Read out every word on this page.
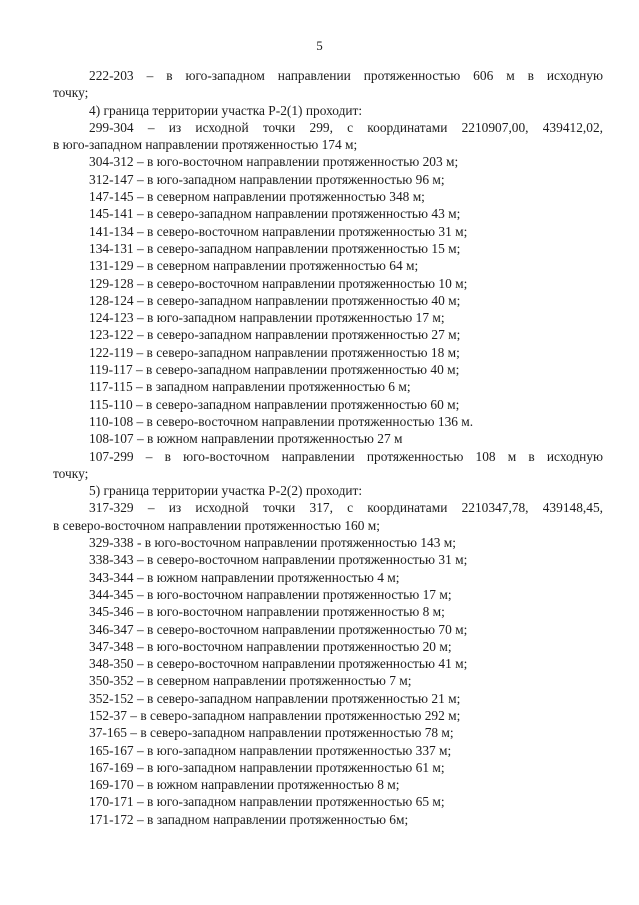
5
222-203 – в юго-западном направлении протяженностью 606 м в исходную
точку;
4) граница территории участка Р-2(1) проходит:
299-304 – из исходной точки 299, с координатами 2210907,00, 439412,02,
в юго-западном направлении протяженностью 174 м;
304-312 – в юго-восточном направлении протяженностью 203 м;
312-147 – в юго-западном направлении протяженностью 96 м;
147-145 – в северном направлении протяженностью 348 м;
145-141 – в северо-западном направлении протяженностью 43 м;
141-134 – в северо-восточном направлении протяженностью 31 м;
134-131 – в северо-западном направлении протяженностью 15 м;
131-129 – в северном направлении протяженностью 64 м;
129-128 – в северо-восточном направлении протяженностью 10 м;
128-124 – в северо-западном направлении протяженностью 40 м;
124-123 – в юго-западном направлении протяженностью 17 м;
123-122 – в северо-западном направлении протяженностью 27 м;
122-119 – в северо-западном направлении протяженностью 18 м;
119-117 – в северо-западном направлении протяженностью 40 м;
117-115 – в западном направлении протяженностью 6 м;
115-110 – в северо-западном направлении протяженностью 60 м;
110-108 – в северо-восточном направлении протяженностью 136 м.
108-107 – в южном направлении протяженностью 27 м
107-299 – в юго-восточном направлении протяженностью 108 м в исходную
точку;
5) граница территории участка Р-2(2) проходит:
317-329 – из исходной точки 317, с координатами 2210347,78, 439148,45,
в северо-восточном направлении протяженностью 160 м;
329-338 - в юго-восточном направлении протяженностью 143 м;
338-343 – в северо-восточном направлении протяженностью 31 м;
343-344 – в южном направлении протяженностью 4 м;
344-345 – в юго-восточном направлении протяженностью 17 м;
345-346 – в юго-восточном направлении протяженностью 8 м;
346-347 – в северо-восточном направлении протяженностью 70 м;
347-348 – в юго-восточном направлении протяженностью 20 м;
348-350 – в северо-восточном направлении протяженностью 41 м;
350-352 – в северном направлении протяженностью 7 м;
352-152 – в северо-западном направлении протяженностью 21 м;
152-37 – в северо-западном направлении протяженностью 292 м;
37-165 – в северо-западном направлении протяженностью 78 м;
165-167 – в юго-западном направлении протяженностью 337 м;
167-169 – в юго-западном направлении протяженностью 61 м;
169-170 – в южном направлении протяженностью 8 м;
170-171 – в юго-западном направлении протяженностью 65 м;
171-172 – в западном направлении протяженностью 6м;
